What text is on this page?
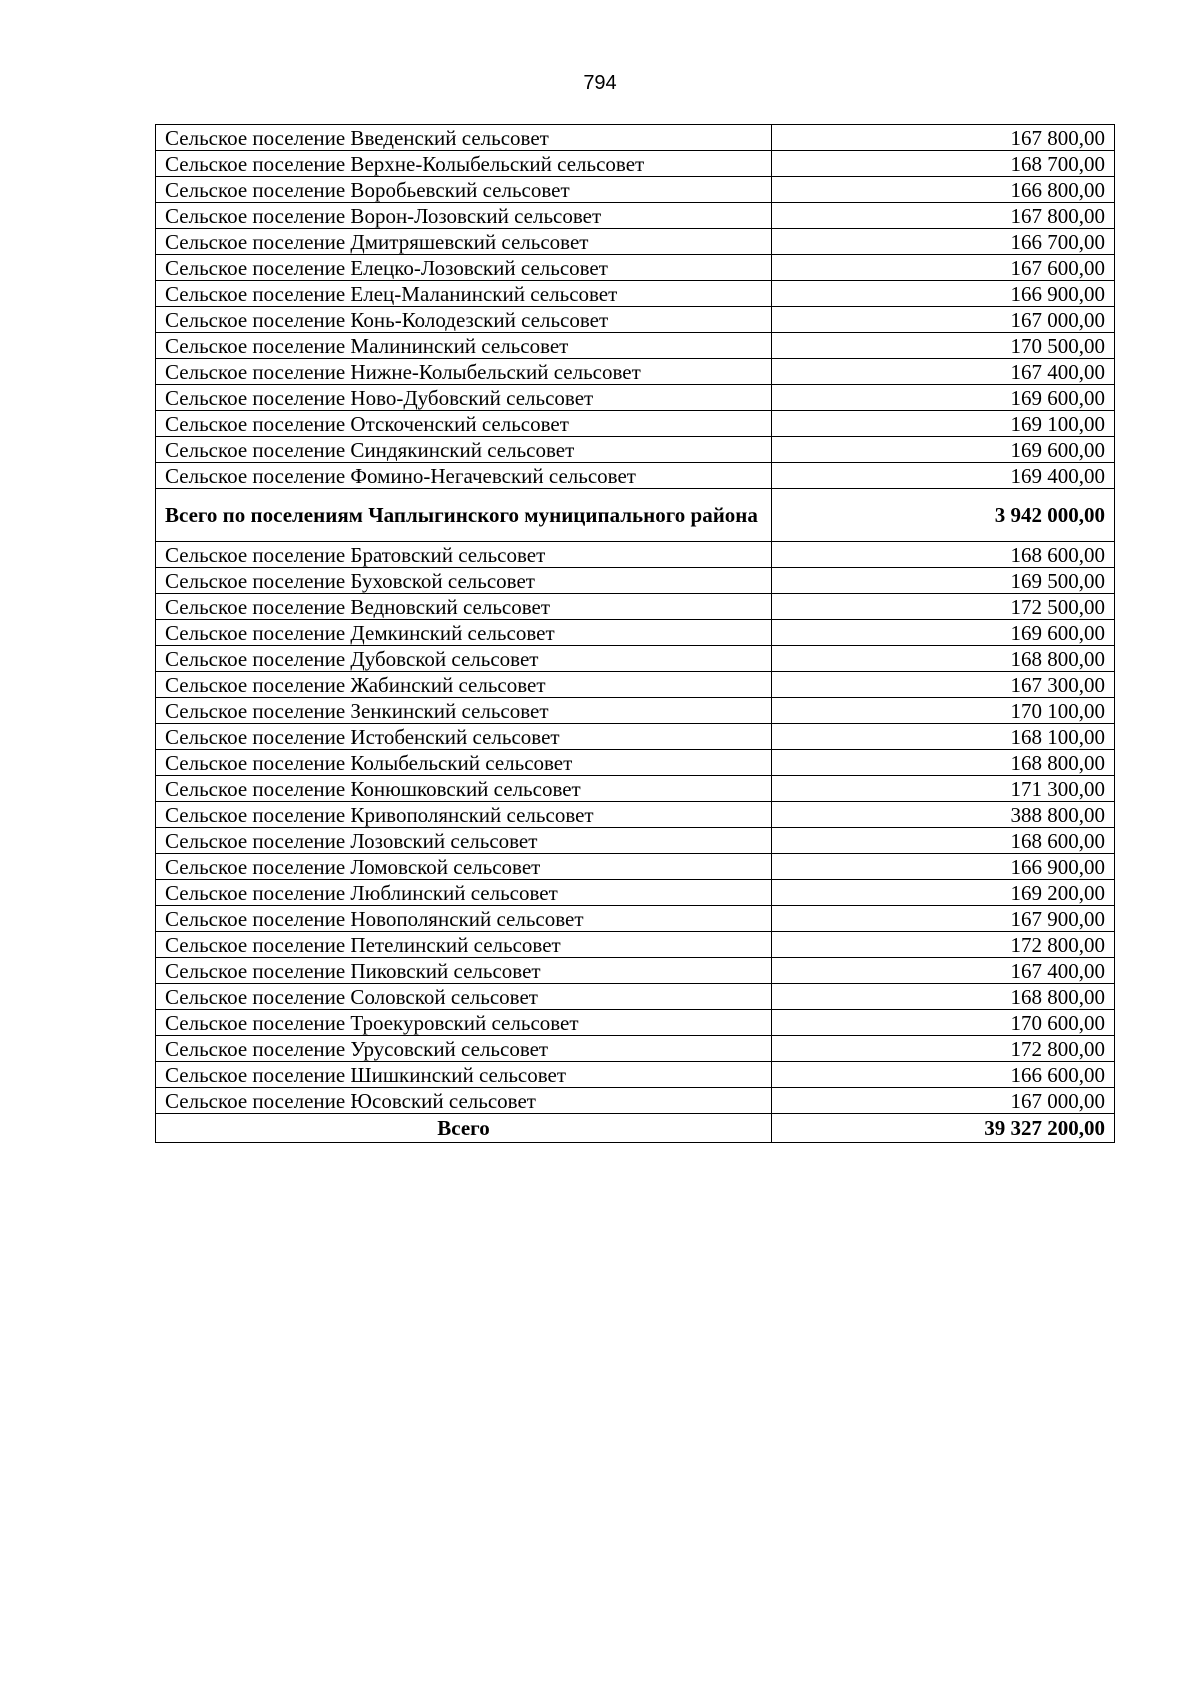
794
Сельское поселение Введенский сельсовет	167 800,00
Сельское поселение Верхне-Колыбельский сельсовет	168 700,00
Сельское поселение Воробьевский сельсовет	166 800,00
Сельское поселение Ворон-Лозовский сельсовет	167 800,00
Сельское поселение Дмитряшевский сельсовет	166 700,00
Сельское поселение Елецко-Лозовский сельсовет	167 600,00
Сельское поселение Елец-Маланинский сельсовет	166 900,00
Сельское поселение Конь-Колодезский сельсовет	167 000,00
Сельское поселение Малининский сельсовет	170 500,00
Сельское поселение Нижне-Колыбельский сельсовет	167 400,00
Сельское поселение Ново-Дубовский сельсовет	169 600,00
Сельское поселение Отскоченский сельсовет	169 100,00
Сельское поселение Синдякинский сельсовет	169 600,00
Сельское поселение Фомино-Негачевский сельсовет	169 400,00
Всего по поселениям Чаплыгинского муниципального района	3 942 000,00
Сельское поселение Братовский сельсовет	168 600,00
Сельское поселение Буховской сельсовет	169 500,00
Сельское поселение Ведновский сельсовет	172 500,00
Сельское поселение Демкинский сельсовет	169 600,00
Сельское поселение Дубовской сельсовет	168 800,00
Сельское поселение Жабинский сельсовет	167 300,00
Сельское поселение Зенкинский сельсовет	170 100,00
Сельское поселение Истобенский сельсовет	168 100,00
Сельское поселение Колыбельский сельсовет	168 800,00
Сельское поселение Конюшковский сельсовет	171 300,00
Сельское поселение Кривополянский сельсовет	388 800,00
Сельское поселение Лозовский сельсовет	168 600,00
Сельское поселение Ломовской сельсовет	166 900,00
Сельское поселение Люблинский сельсовет	169 200,00
Сельское поселение Новополянский сельсовет	167 900,00
Сельское поселение Петелинский сельсовет	172 800,00
Сельское поселение Пиковский сельсовет	167 400,00
Сельское поселение Соловской сельсовет	168 800,00
Сельское поселение Троекуровский сельсовет	170 600,00
Сельское поселение Урусовский сельсовет	172 800,00
Сельское поселение Шишкинский сельсовет	166 600,00
Сельское поселение Юсовский сельсовет	167 000,00
Всего	39 327 200,00
